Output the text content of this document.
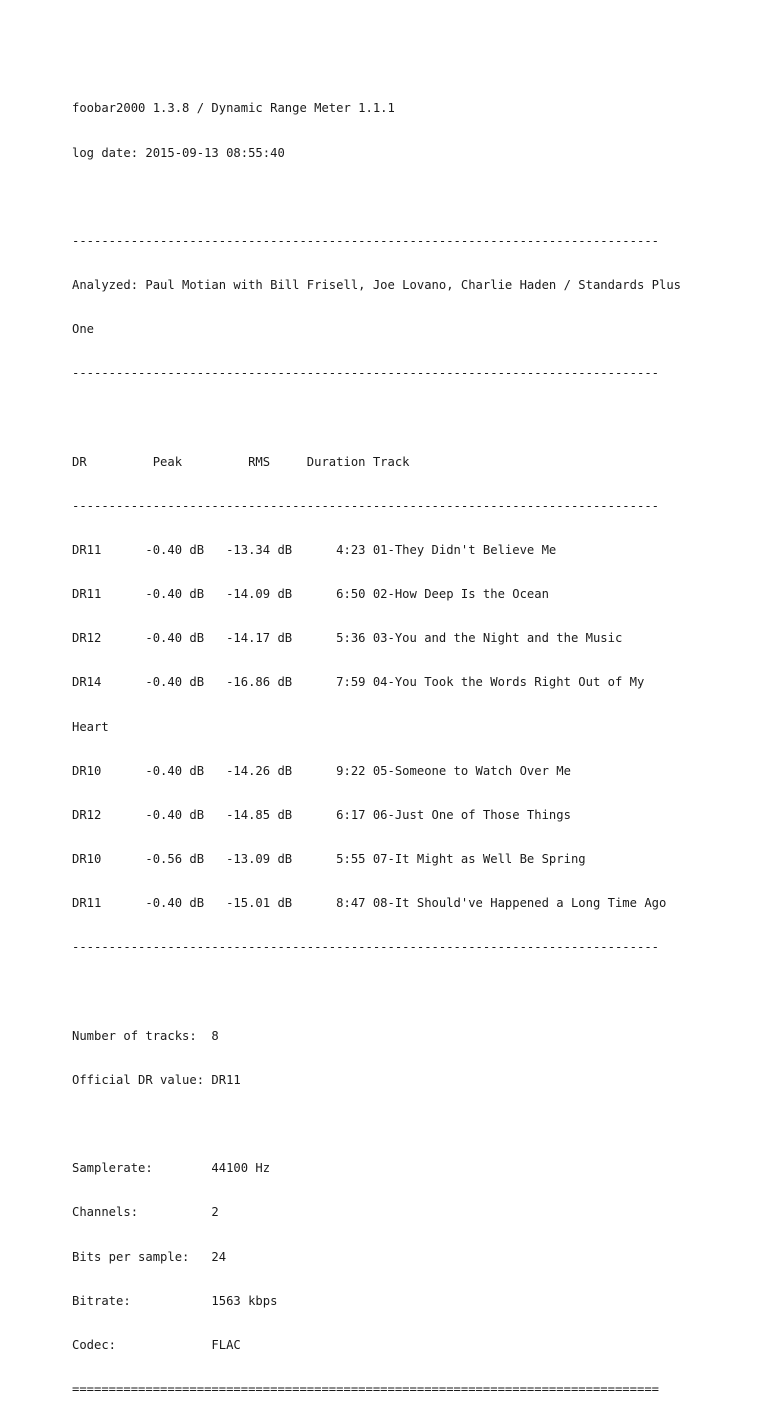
foobar2000 1.3.8 / Dynamic Range Meter 1.1.1

log date: 2015-09-13 08:55:40

--------------------------------------------------------------------------------

Analyzed: Paul Motian with Bill Frisell, Joe Lovano, Charlie Haden / Standards Plus

One

--------------------------------------------------------------------------------

DR         Peak         RMS     Duration Track

--------------------------------------------------------------------------------

DR11      -0.40 dB   -13.34 dB      4:23 01-They Didn't Believe Me

DR11      -0.40 dB   -14.09 dB      6:50 02-How Deep Is the Ocean

DR12      -0.40 dB   -14.17 dB      5:36 03-You and the Night and the Music

DR14      -0.40 dB   -16.86 dB      7:59 04-You Took the Words Right Out of My

Heart

DR10      -0.40 dB   -14.26 dB      9:22 05-Someone to Watch Over Me

DR12      -0.40 dB   -14.85 dB      6:17 06-Just One of Those Things

DR10      -0.56 dB   -13.09 dB      5:55 07-It Might as Well Be Spring

DR11      -0.40 dB   -15.01 dB      8:47 08-It Should've Happened a Long Time Ago

--------------------------------------------------------------------------------

Number of tracks:  8

Official DR value: DR11

Samplerate:        44100 Hz

Channels:          2

Bits per sample:   24

Bitrate:           1563 kbps

Codec:             FLAC

================================================================================
